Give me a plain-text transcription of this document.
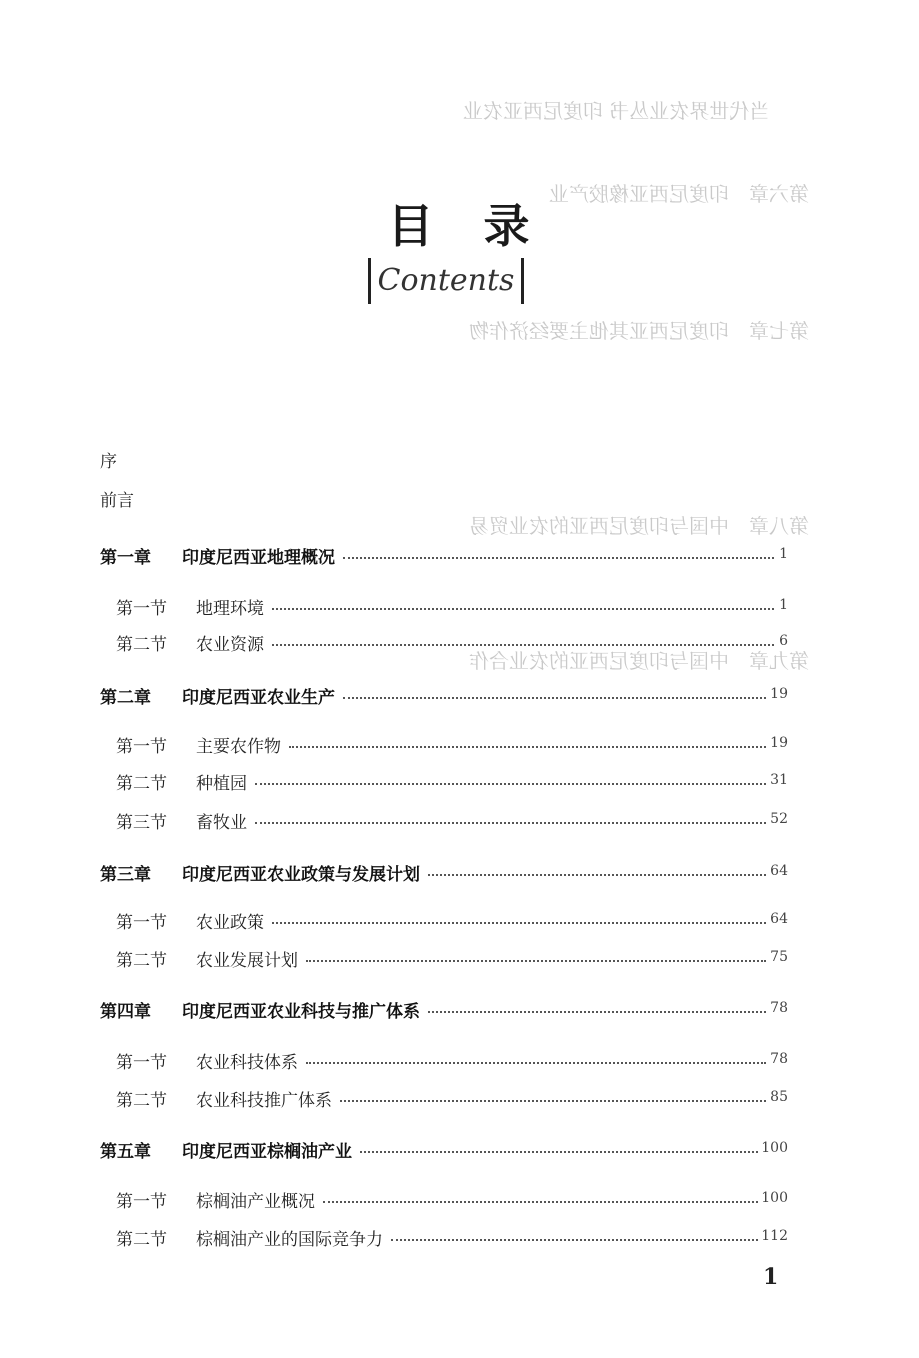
当代世界农业丛书 印度尼西亚农业
第六章　印度尼西亚橡胶产业
第七章　印度尼西亚其他主要经济作物
第八章　中国与印度尼西亚的农业贸易
第九章　中国与印度尼西亚的农业合作
目　录
Contents
序
前言
第一章 印度尼西亚地理概况	1
第一节 地理环境	1
第二节 农业资源	6
第二章 印度尼西亚农业生产	19
第一节 主要农作物	19
第二节 种植园	31
第三节 畜牧业	52
第三章 印度尼西亚农业政策与发展计划	64
第一节 农业政策	64
第二节 农业发展计划	75
第四章 印度尼西亚农业科技与推广体系	78
第一节 农业科技体系	78
第二节 农业科技推广体系	85
第五章 印度尼西亚棕榈油产业	100
第一节 棕榈油产业概况	100
第二节 棕榈油产业的国际竞争力	112
1
